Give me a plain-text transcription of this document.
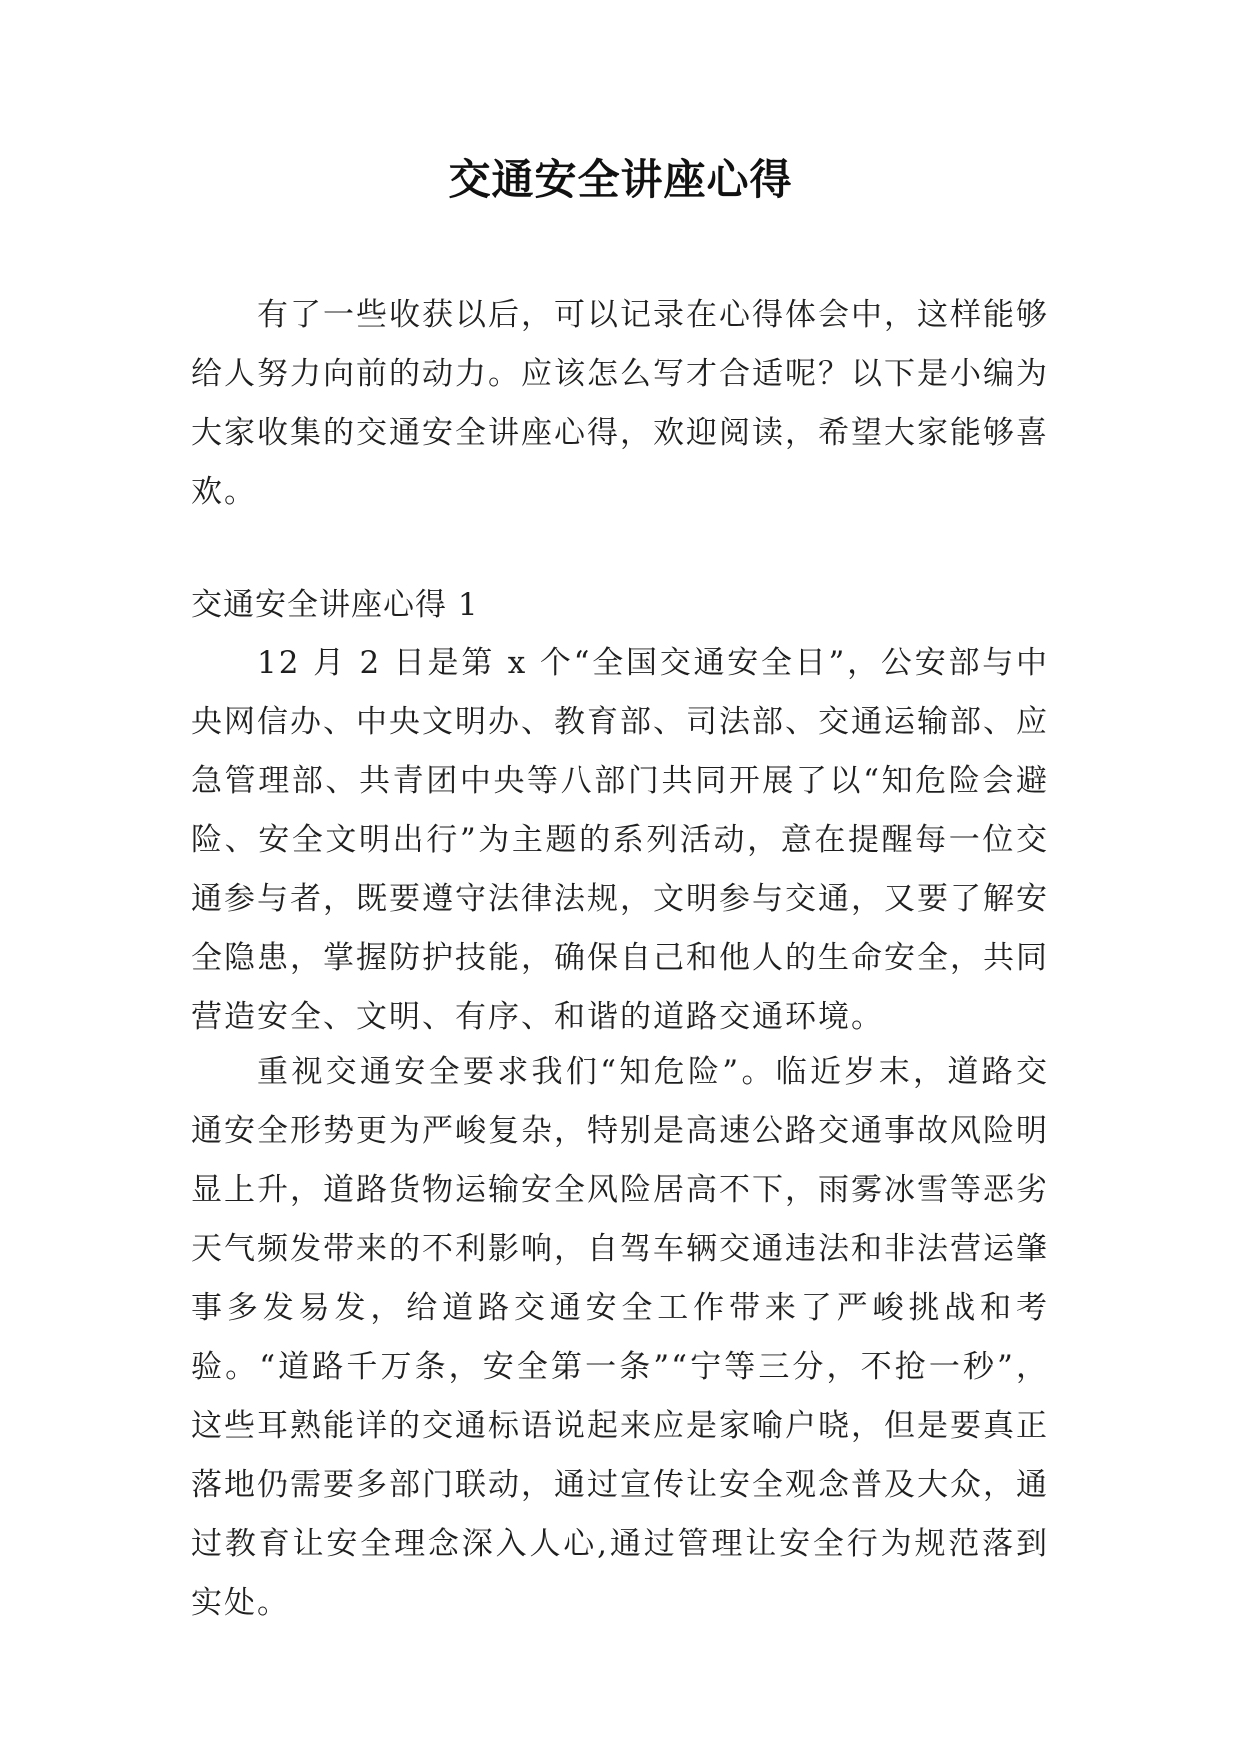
交通安全讲座心得

有了一些收获以后，可以记录在心得体会中，这样能够给人努力向前的动力。应该怎么写才合适呢？以下是小编为大家收集的交通安全讲座心得，欢迎阅读，希望大家能够喜欢。

交通安全讲座心得 1

12 月 2 日是第 x 个“全国交通安全日”，公安部与中央网信办、中央文明办、教育部、司法部、交通运输部、应急管理部、共青团中央等八部门共同开展了以“知危险会避险、安全文明出行”为主题的系列活动，意在提醒每一位交通参与者，既要遵守法律法规，文明参与交通，又要了解安全隐患，掌握防护技能，确保自己和他人的生命安全，共同营造安全、文明、有序、和谐的道路交通环境。

重视交通安全要求我们“知危险”。临近岁末，道路交通安全形势更为严峻复杂，特别是高速公路交通事故风险明显上升，道路货物运输安全风险居高不下，雨雾冰雪等恶劣天气频发带来的不利影响，自驾车辆交通违法和非法营运肇事多发易发，给道路交通安全工作带来了严峻挑战和考验。“道路千万条，安全第一条”“宁等三分，不抢一秒”，这些耳熟能详的交通标语说起来应是家喻户晓，但是要真正落地仍需要多部门联动，通过宣传让安全观念普及大众，通过教育让安全理念深入人心,通过管理让安全行为规范落到实处。
